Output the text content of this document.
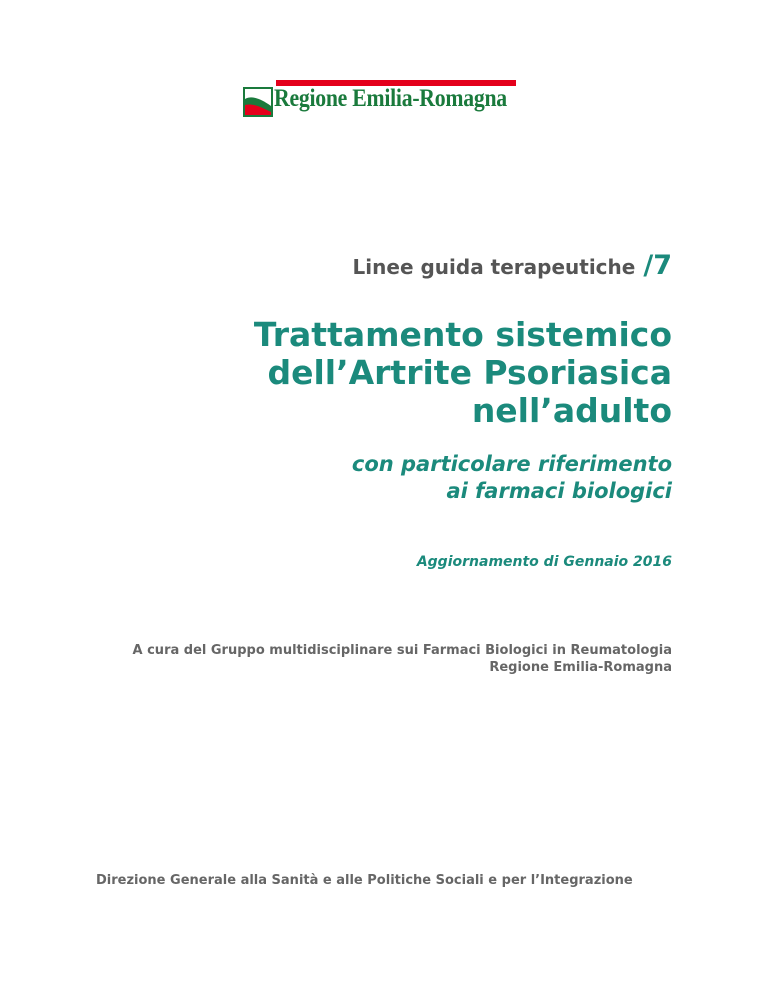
Regione Emilia-Romagna
Linee guida terapeutiche /7
Trattamento sistemico
dell’Artrite Psoriasica
nell’adulto
con particolare riferimento
ai farmaci biologici
Aggiornamento di Gennaio 2016
A cura del Gruppo multidisciplinare sui Farmaci Biologici in Reumatologia
Regione Emilia-Romagna
Direzione Generale alla Sanità e alle Politiche Sociali e per l’Integrazione
